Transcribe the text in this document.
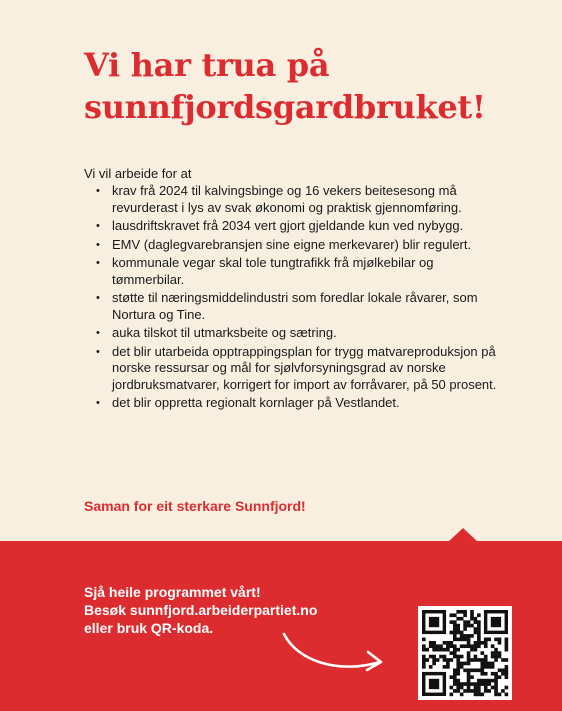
Vi har trua på sunnfjordsgardbruket!
Vi vil arbeide for at
• krav frå 2024 til kalvingsbinge og 16 vekers beitesesong må revurderast i lys av svak økonomi og praktisk gjennomføring.
• lausdriftskravet frå 2034 vert gjort gjeldande kun ved nybygg.
• EMV (daglegvarebransjen sine eigne merkevarer) blir regulert.
• kommunale vegar skal tole tungtrafikk frå mjølkebilar og tømmerbilar.
• støtte til næringsmiddelindustri som foredlar lokale råvarer, som Nortura og Tine.
• auka tilskot til utmarksbeite og sætring.
• det blir utarbeida opptrappingsplan for trygg matvareproduksjon på norske ressursar og mål for sjølvforsyningsgrad av norske jordbruksmatvarer, korrigert for import av forråvarer, på 50 prosent.
• det blir oppretta regionalt kornlager på Vestlandet.
Saman for eit sterkare Sunnfjord!
Sjå heile programmet vårt!
Besøk sunnfjord.arbeiderpartiet.no
eller bruk QR-koda.
